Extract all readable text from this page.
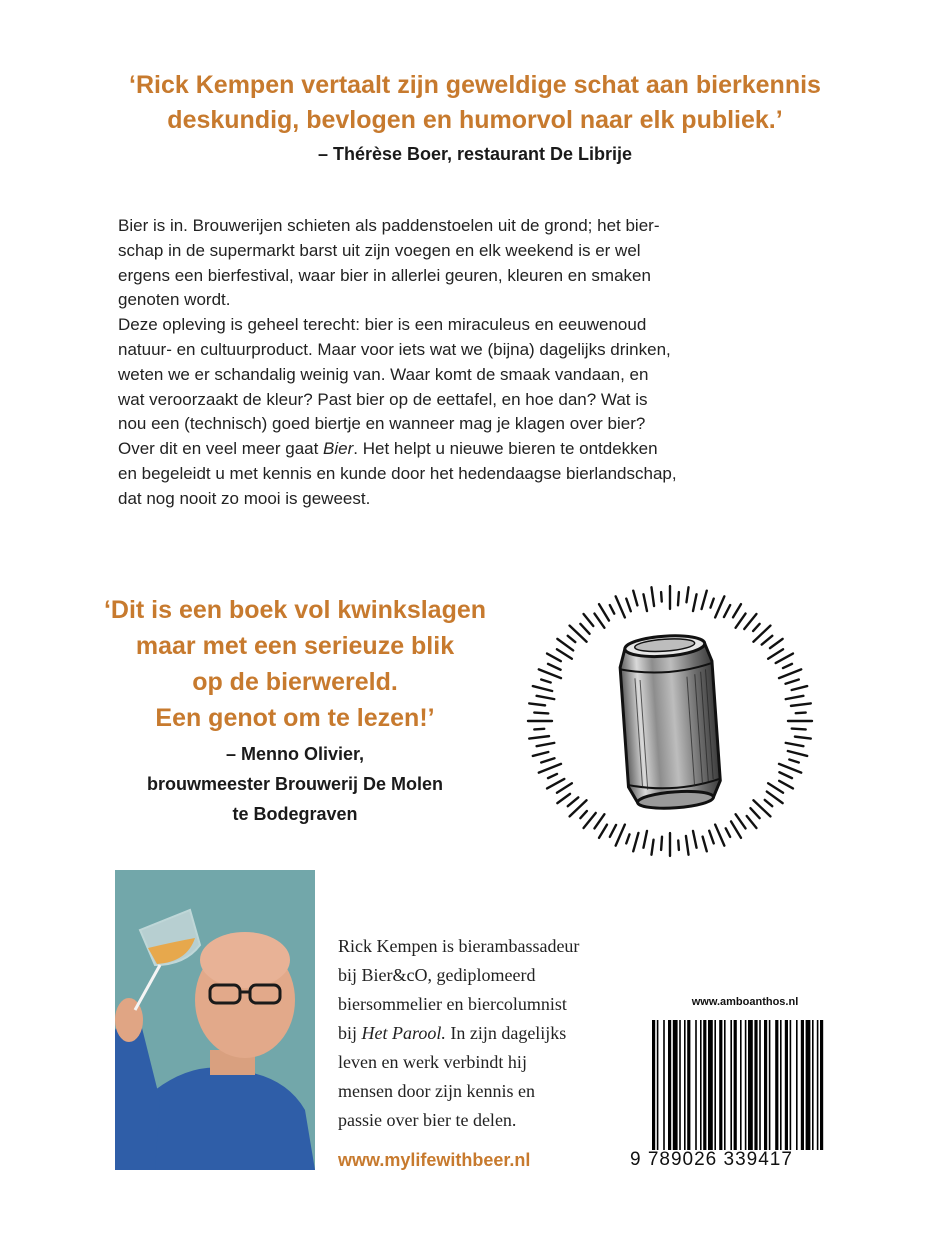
‘Rick Kempen vertaalt zijn geweldige schat aan bierkennis
deskundig, bevlogen en humorvol naar elk publiek.’
– Thérèse Boer, restaurant De Librije
Bier is in. Brouwerijen schieten als paddenstoelen uit de grond; het bier-
schap in de supermarkt barst uit zijn voegen en elk weekend is er wel
ergens een bierfestival, waar bier in allerlei geuren, kleuren en smaken
genoten wordt.
Deze opleving is geheel terecht: bier is een miraculeus en eeuwenoud
natuur- en cultuurproduct. Maar voor iets wat we (bijna) dagelijks drinken,
weten we er schandalig weinig van. Waar komt de smaak vandaan, en
wat veroorzaakt de kleur? Past bier op de eettafel, en hoe dan? Wat is
nou een (technisch) goed biertje en wanneer mag je klagen over bier?
Over dit en veel meer gaat Bier. Het helpt u nieuwe bieren te ontdekken
en begeleidt u met kennis en kunde door het hedendaagse bierlandschap,
dat nog nooit zo mooi is geweest.
‘Dit is een boek vol kwinkslagen
maar met een serieuze blik
op de bierwereld.
Een genot om te lezen!’
– Menno Olivier,
brouwmeester Brouwerij De Molen
te Bodegraven
Rick Kempen is bierambassadeur
bij Bier&cO, gediplomeerd
biersommelier en biercolumnist
bij Het Parool. In zijn dagelijks
leven en werk verbindt hij
mensen door zijn kennis en
passie over bier te delen.
www.mylifewithbeer.nl
www.amboanthos.nl
9 789026 339417
